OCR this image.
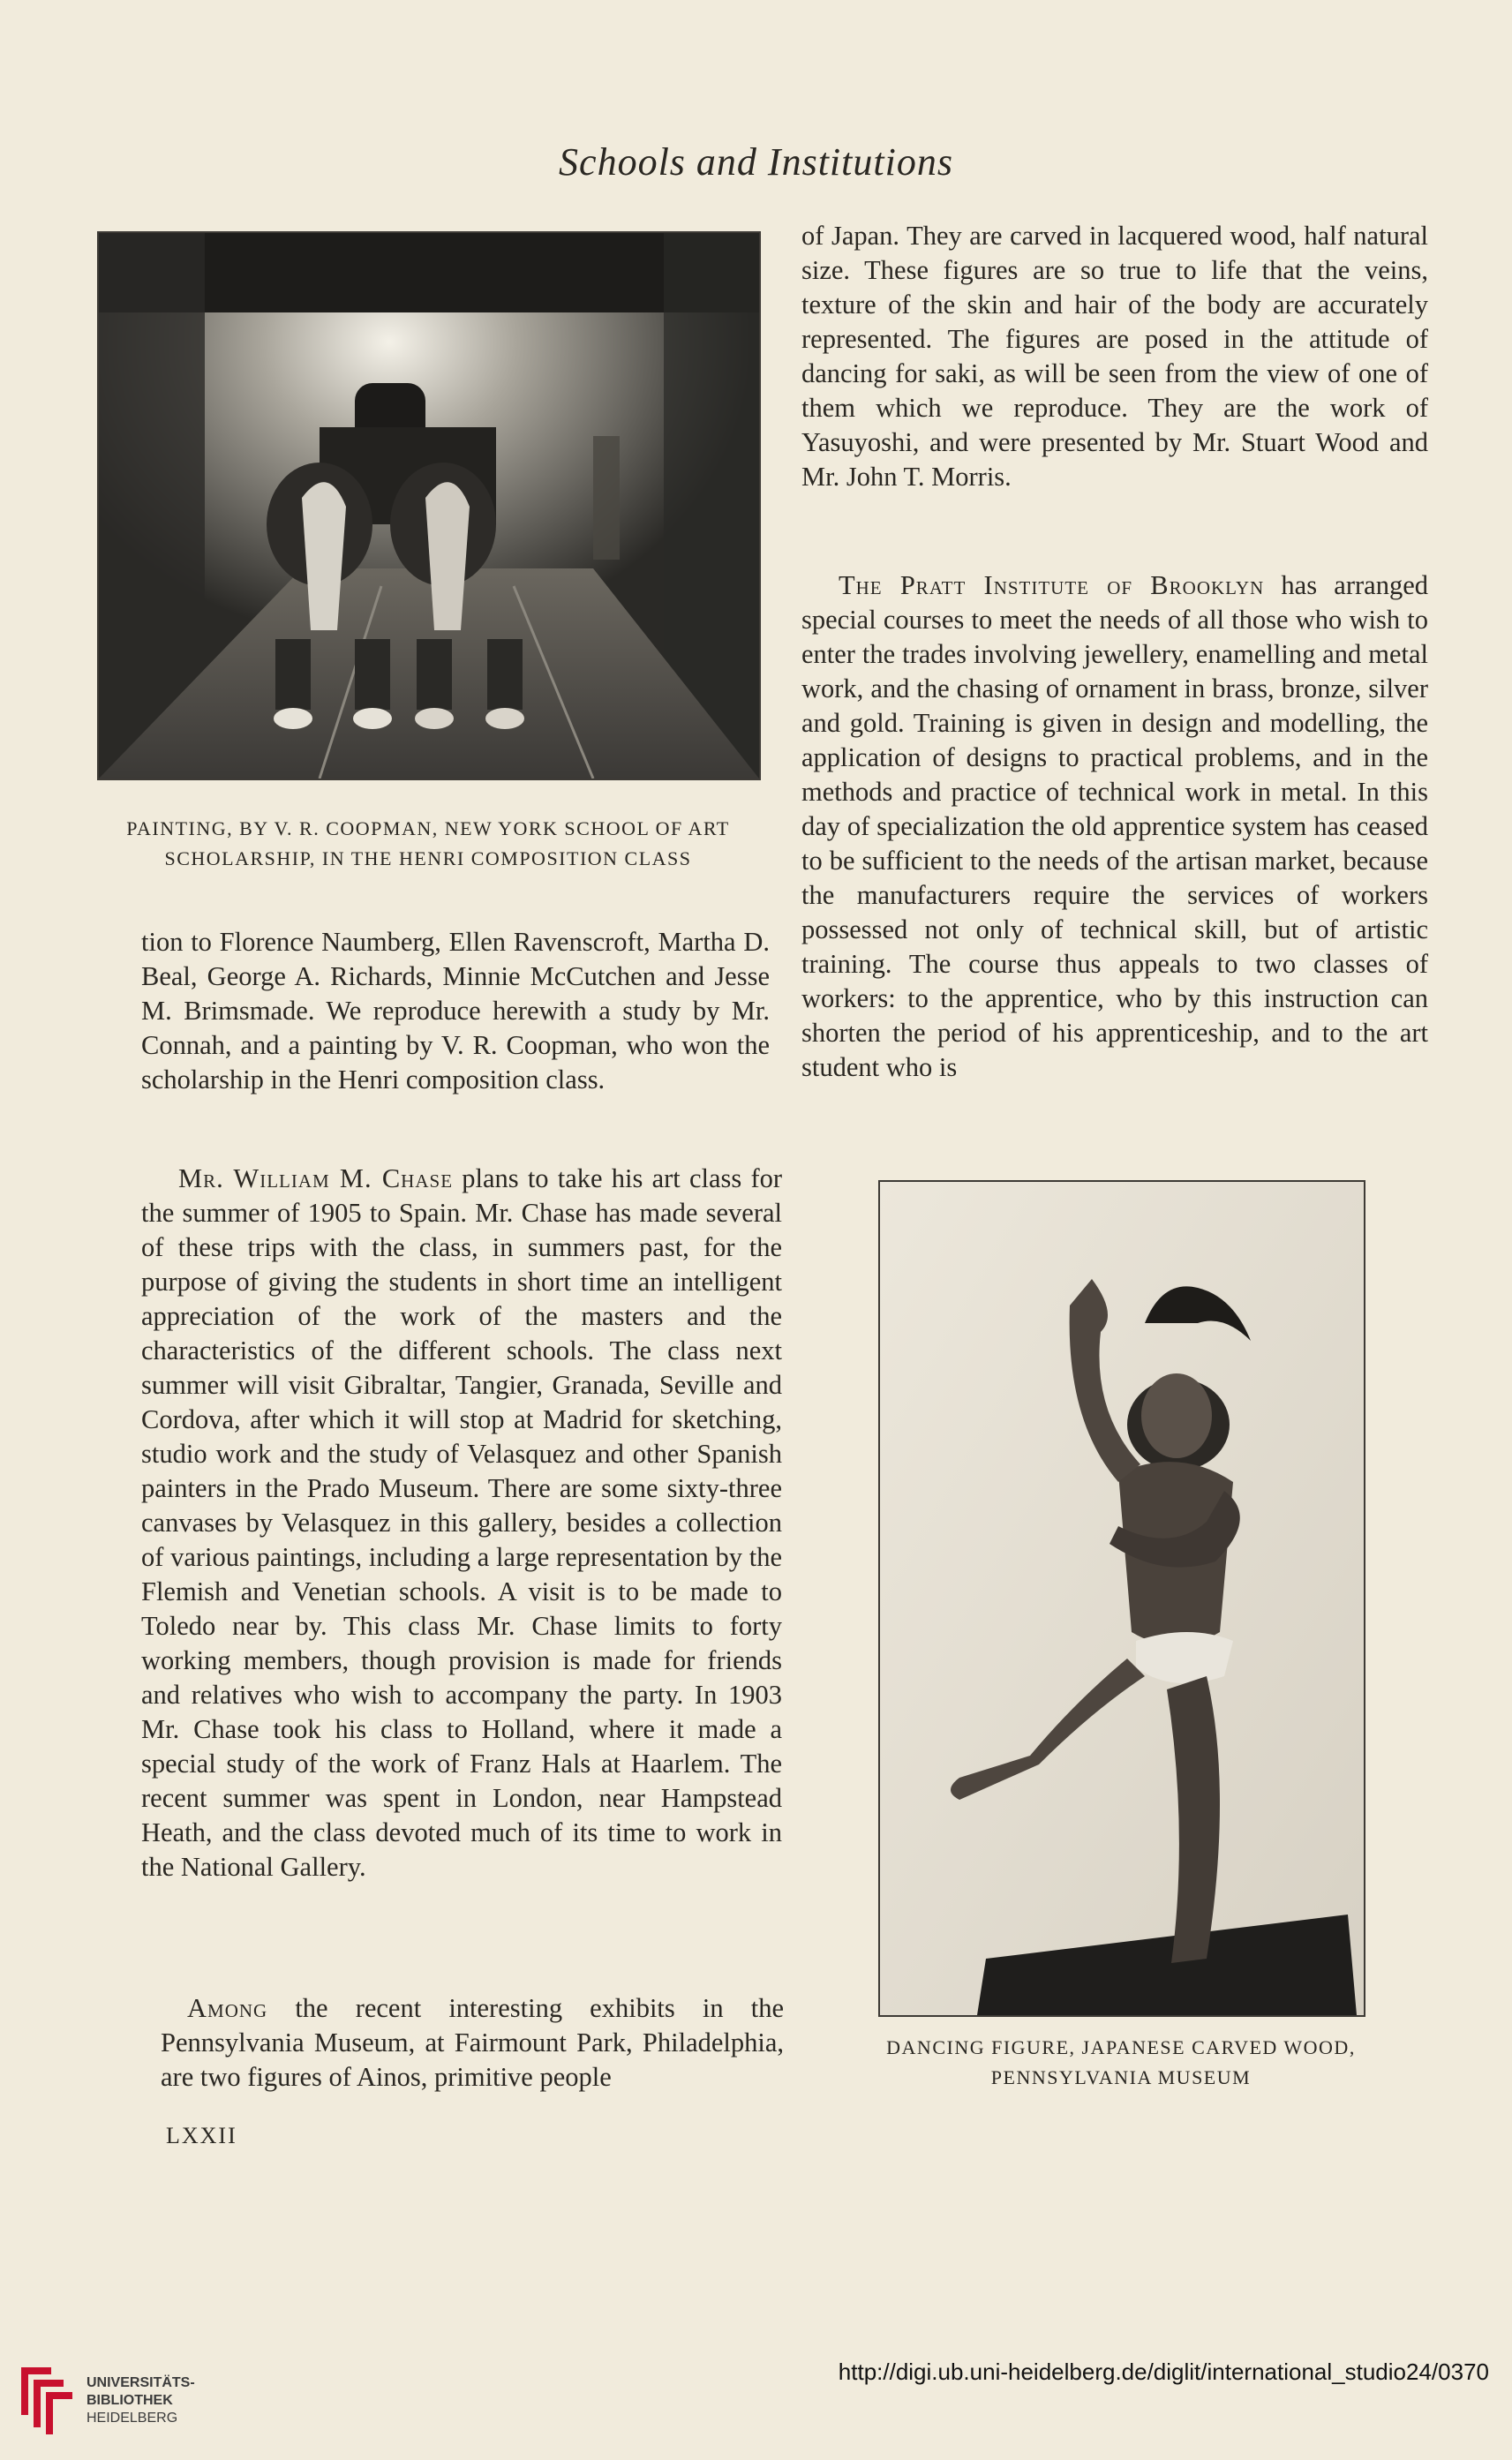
Schools and Institutions
PAINTING, BY V. R. COOPMAN, NEW YORK SCHOOL OF ART
SCHOLARSHIP, IN THE HENRI COMPOSITION CLASS

tion to Florence Naumberg, Ellen Ravenscroft, Martha D. Beal, George A. Richards, Minnie McCutchen and Jesse M. Brimsmade. We reproduce herewith a study by Mr. Connah, and a painting by V. R. Coopman, who won the scholarship in the Henri composition class.

Mr. William M. Chase plans to take his art class for the summer of 1905 to Spain. Mr. Chase has made several of these trips with the class, in summers past, for the purpose of giving the students in short time an intelligent appreciation of the work of the masters and the characteristics of the different schools. The class next summer will visit Gibraltar, Tangier, Granada, Seville and Cordova, after which it will stop at Madrid for sketching, studio work and the study of Velasquez and other Spanish painters in the Prado Museum. There are some sixty-three canvases by Velasquez in this gallery, besides a collection of various paintings, including a large representation by the Flemish and Venetian schools. A visit is to be made to Toledo near by. This class Mr. Chase limits to forty working members, though provision is made for friends and relatives who wish to accompany the party. In 1903 Mr. Chase took his class to Holland, where it made a special study of the work of Franz Hals at Haarlem. The recent summer was spent in London, near Hampstead Heath, and the class devoted much of its time to work in the National Gallery.

Among the recent interesting exhibits in the Pennsylvania Museum, at Fairmount Park, Philadelphia, are two figures of Ainos, primitive people

of Japan. They are carved in lacquered wood, half natural size. These figures are so true to life that the veins, texture of the skin and hair of the body are accurately represented. The figures are posed in the attitude of dancing for saki, as will be seen from the view of one of them which we reproduce. They are the work of Yasuyoshi, and were presented by Mr. Stuart Wood and Mr. John T. Morris.

The Pratt Institute of Brooklyn has arranged special courses to meet the needs of all those who wish to enter the trades involving jewellery, enamelling and metal work, and the chasing of ornament in brass, bronze, silver and gold. Training is given in design and modelling, the application of designs to practical problems, and in the methods and practice of technical work in metal. In this day of specialization the old apprentice system has ceased to be sufficient to the needs of the artisan market, because the manufacturers require the services of workers possessed not only of technical skill, but of artistic training. The course thus appeals to two classes of workers: to the apprentice, who by this instruction can shorten the period of his apprenticeship, and to the art student who is

DANCING FIGURE, JAPANESE CARVED WOOD,
PENNSYLVANIA MUSEUM
LXXII
UNIVERSITÄTS-
BIBLIOTHEK
HEIDELBERG
http://digi.ub.uni-heidelberg.de/diglit/international_studio24/0370
